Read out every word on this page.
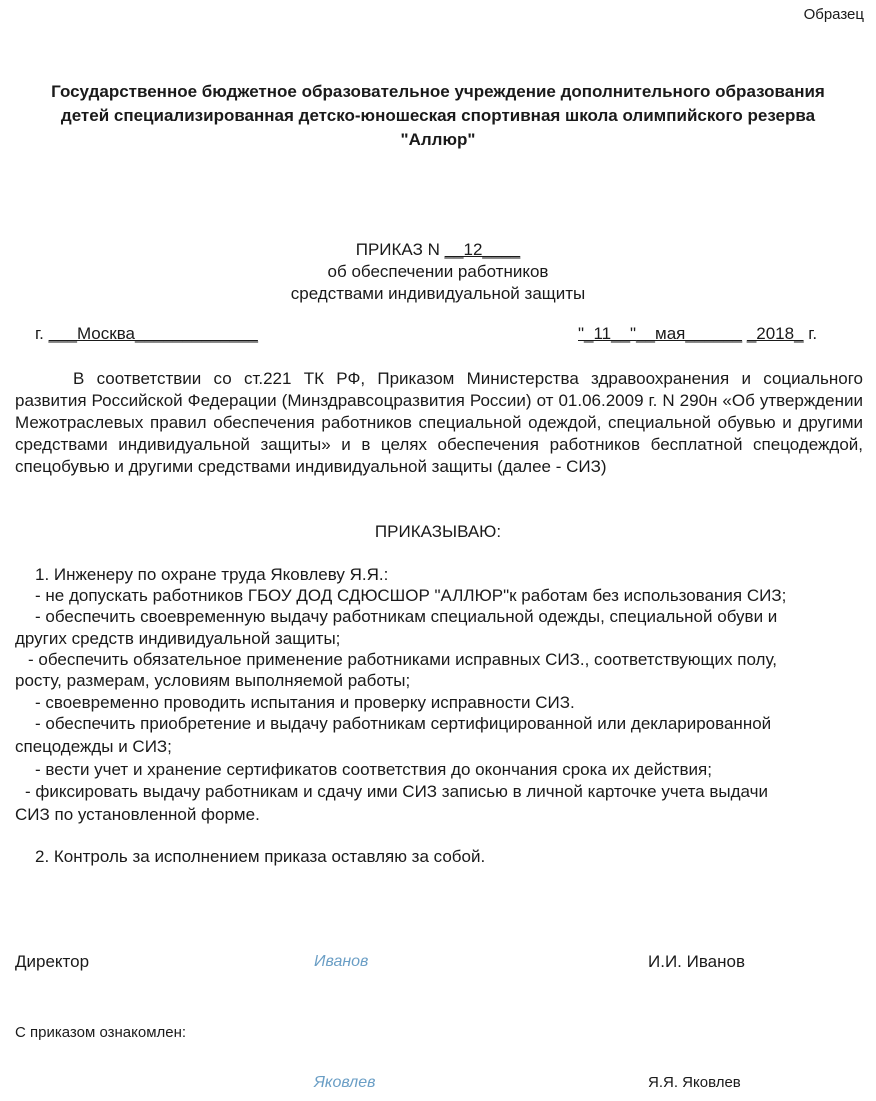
Образец
Государственное бюджетное образовательное учреждение дополнительного образования
детей специализированная детско-юношеская спортивная школа олимпийского резерва
"Аллюр"
ПРИКАЗ N __12____
об обеспечении работников
средствами индивидуальной защиты
г. ___Москва_____________	"_11__"__мая______ _2018_ г.
В соответствии со ст.221 ТК РФ, Приказом Министерства здравоохранения и социального развития Российской Федерации (Минздравсоцразвития России) от 01.06.2009 г. N 290н «Об утверждении Межотраслевых правил обеспечения работников специальной одеждой, специальной обувью и другими средствами индивидуальной защиты» и в целях обеспечения работников бесплатной спецодеждой, спецобувью и другими средствами индивидуальной защиты (далее - СИЗ)
ПРИКАЗЫВАЮ:
1. Инженеру по охране труда Яковлеву Я.Я.:
- не допускать работников ГБОУ ДОД СДЮСШОР "АЛЛЮР"к работам без использования СИЗ;
- обеспечить своевременную выдачу работникам специальной одежды, специальной обуви и
других средств индивидуальной защиты;
- обеспечить обязательное применение работниками исправных СИЗ., соответствующих полу,
росту, размерам, условиям выполняемой работы;
- своевременно проводить испытания и проверку исправности СИЗ.
- обеспечить приобретение и выдачу работникам сертифицированной или декларированной
спецодежды и СИЗ;
- вести учет и хранение сертификатов соответствия до окончания срока их действия;
- фиксировать выдачу работникам и сдачу ими СИЗ записью в личной карточке учета выдачи
СИЗ по установленной форме.
2. Контроль за исполнением приказа оставляю за собой.
Директор	Иванов	И.И. Иванов
С приказом ознакомлен:
Яковлев	Я.Я. Яковлев
